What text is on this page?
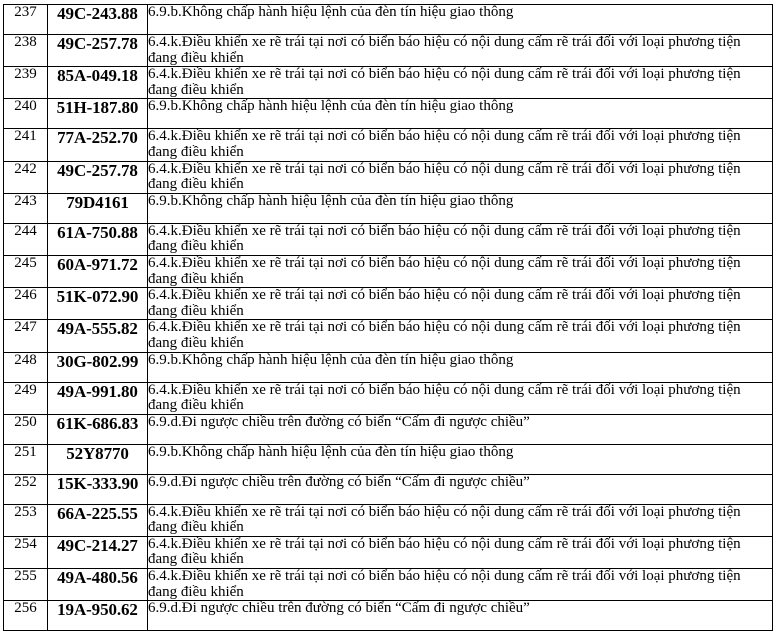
237	49C-243.88	6.9.b.Không chấp hành hiệu lệnh của đèn tín hiệu giao thông
238	49C-257.78	6.4.k.Điều khiển xe rẽ trái tại nơi có biển báo hiệu có nội dung cấm rẽ trái đối với loại phương tiện đang điều khiển
239	85A-049.18	6.4.k.Điều khiển xe rẽ trái tại nơi có biển báo hiệu có nội dung cấm rẽ trái đối với loại phương tiện đang điều khiển
240	51H-187.80	6.9.b.Không chấp hành hiệu lệnh của đèn tín hiệu giao thông
241	77A-252.70	6.4.k.Điều khiển xe rẽ trái tại nơi có biển báo hiệu có nội dung cấm rẽ trái đối với loại phương tiện đang điều khiển
242	49C-257.78	6.4.k.Điều khiển xe rẽ trái tại nơi có biển báo hiệu có nội dung cấm rẽ trái đối với loại phương tiện đang điều khiển
243	79D4161	6.9.b.Không chấp hành hiệu lệnh của đèn tín hiệu giao thông
244	61A-750.88	6.4.k.Điều khiển xe rẽ trái tại nơi có biển báo hiệu có nội dung cấm rẽ trái đối với loại phương tiện đang điều khiển
245	60A-971.72	6.4.k.Điều khiển xe rẽ trái tại nơi có biển báo hiệu có nội dung cấm rẽ trái đối với loại phương tiện đang điều khiển
246	51K-072.90	6.4.k.Điều khiển xe rẽ trái tại nơi có biển báo hiệu có nội dung cấm rẽ trái đối với loại phương tiện đang điều khiển
247	49A-555.82	6.4.k.Điều khiển xe rẽ trái tại nơi có biển báo hiệu có nội dung cấm rẽ trái đối với loại phương tiện đang điều khiển
248	30G-802.99	6.9.b.Không chấp hành hiệu lệnh của đèn tín hiệu giao thông
249	49A-991.80	6.4.k.Điều khiển xe rẽ trái tại nơi có biển báo hiệu có nội dung cấm rẽ trái đối với loại phương tiện đang điều khiển
250	61K-686.83	6.9.d.Đi ngược chiều trên đường có biển “Cấm đi ngược chiều”
251	52Y8770	6.9.b.Không chấp hành hiệu lệnh của đèn tín hiệu giao thông
252	15K-333.90	6.9.d.Đi ngược chiều trên đường có biển “Cấm đi ngược chiều”
253	66A-225.55	6.4.k.Điều khiển xe rẽ trái tại nơi có biển báo hiệu có nội dung cấm rẽ trái đối với loại phương tiện đang điều khiển
254	49C-214.27	6.4.k.Điều khiển xe rẽ trái tại nơi có biển báo hiệu có nội dung cấm rẽ trái đối với loại phương tiện đang điều khiển
255	49A-480.56	6.4.k.Điều khiển xe rẽ trái tại nơi có biển báo hiệu có nội dung cấm rẽ trái đối với loại phương tiện đang điều khiển
256	19A-950.62	6.9.d.Đi ngược chiều trên đường có biển “Cấm đi ngược chiều”
